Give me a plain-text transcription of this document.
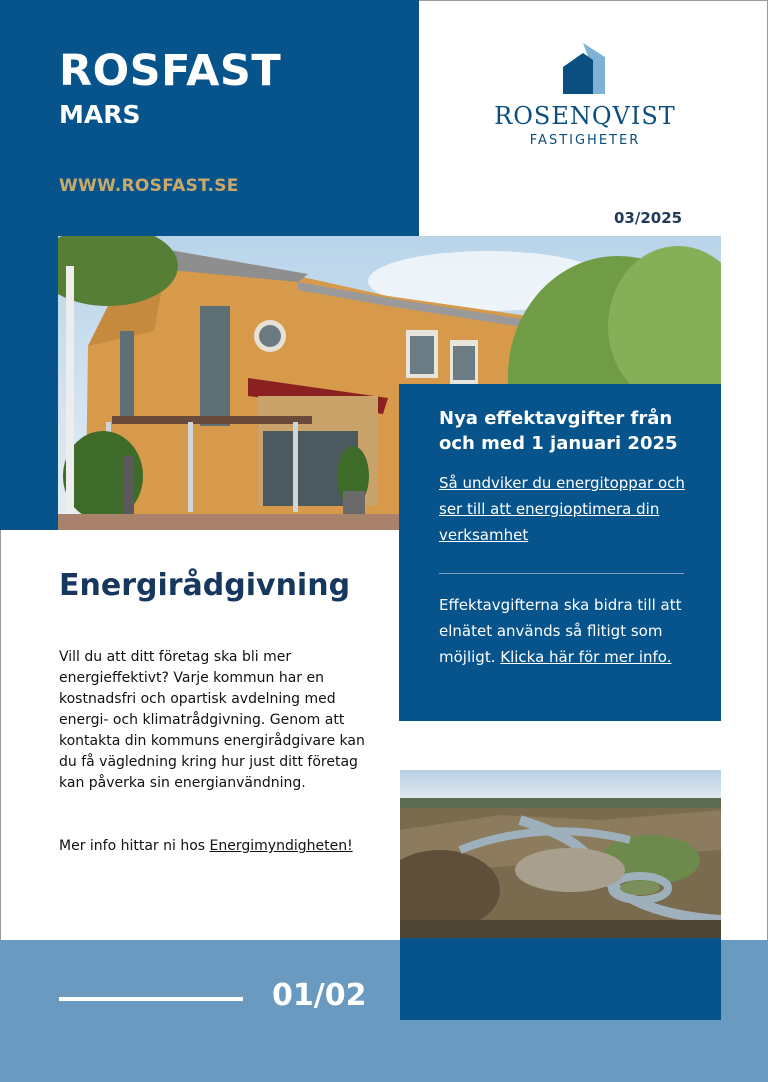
ROSFAST
MARS
WWW.ROSFAST.SE
ROSENQVIST
FASTIGHETER
03/2025
Nya effektavgifter från och med 1 januari 2025
Så undviker du energitoppar och ser till att energioptimera din verksamhet
Effektavgifterna ska bidra till att elnätet används så flitigt som möjligt. Klicka här för mer info.
Energirådgivning
Vill du att ditt företag ska bli mer energieffektivt? Varje kommun har en kostnadsfri och opartisk avdelning med energi- och klimatrådgivning. Genom att kontakta din kommuns energirådgivare kan du få vägledning kring hur just ditt företag kan påverka sin energianvändning.
Mer info hittar ni hos Energimyndigheten!
01/02
